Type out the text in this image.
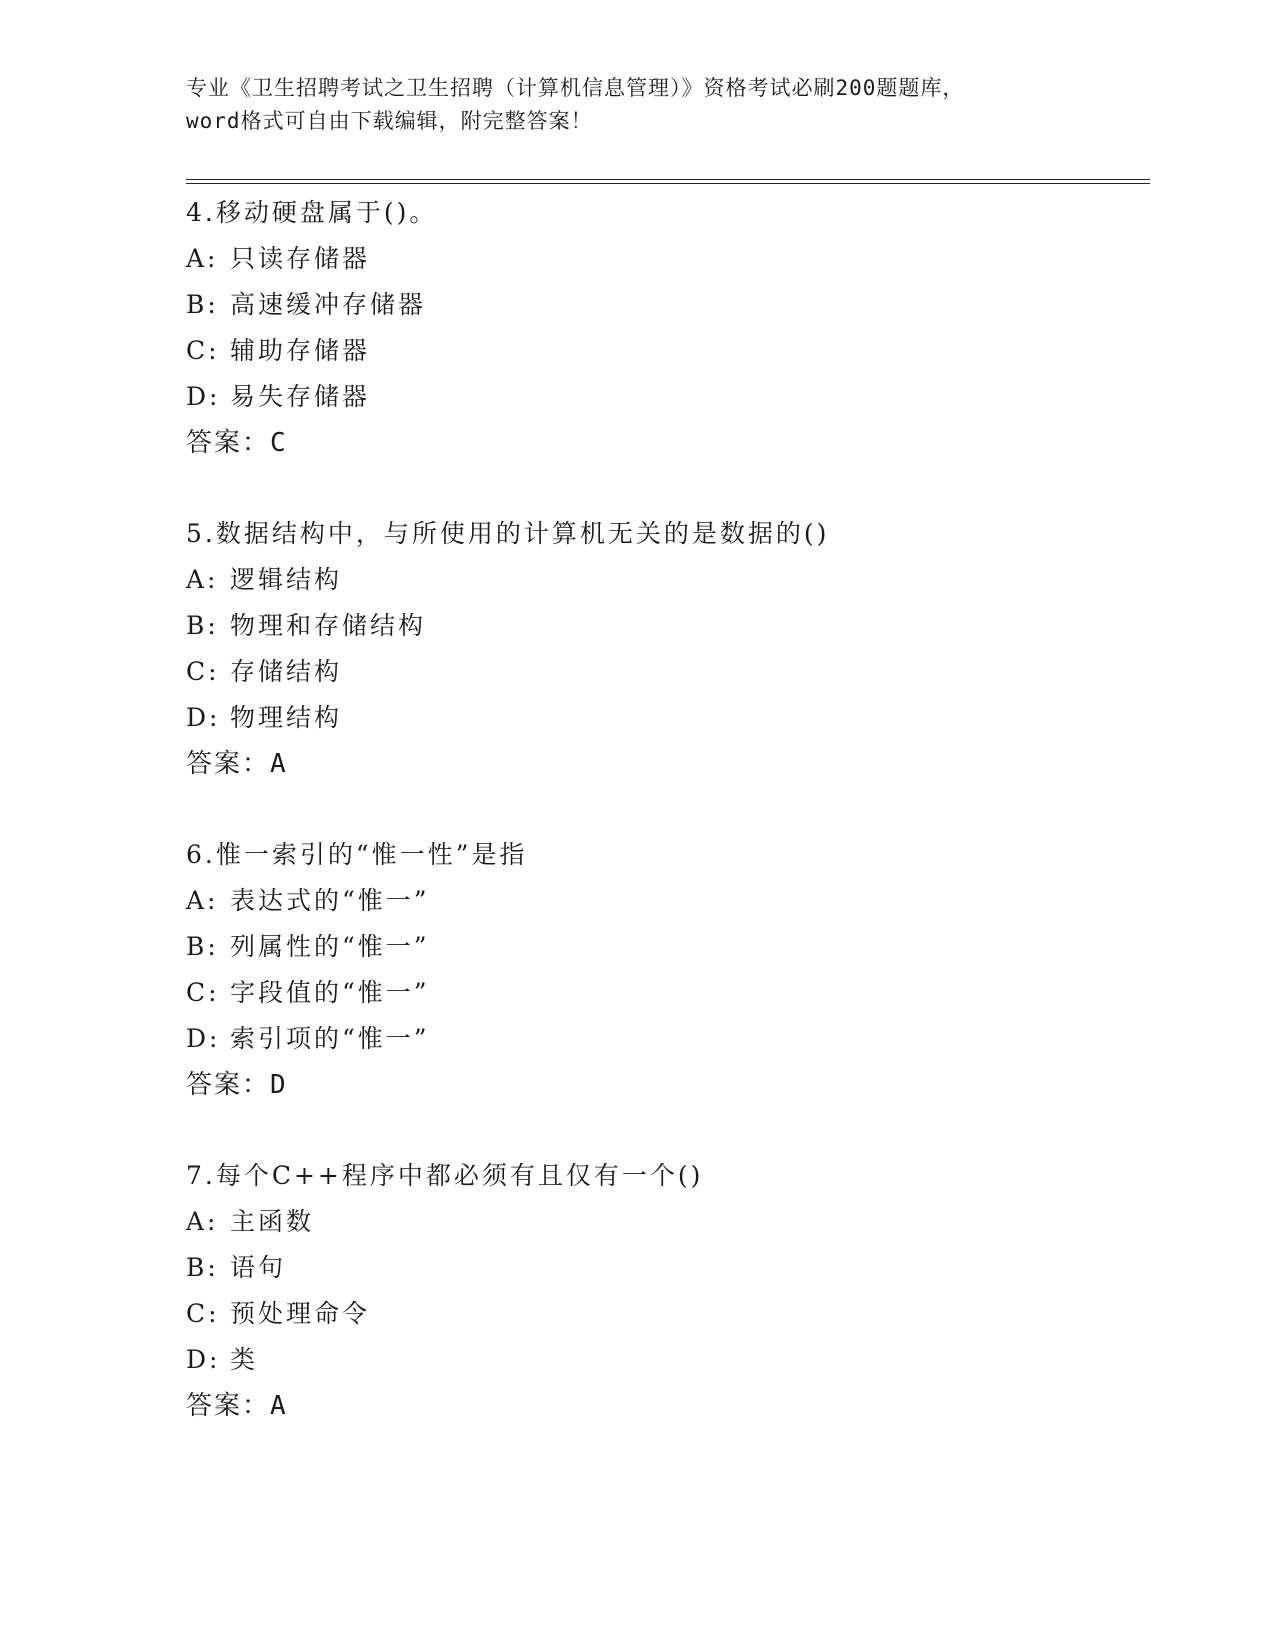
专业《卫生招聘考试之卫生招聘（计算机信息管理）》资格考试必刷200题题库，
word格式可自由下载编辑，附完整答案！
4.移动硬盘属于()。
A: 只读存储器
B: 高速缓冲存储器
C: 辅助存储器
D: 易失存储器
答案：C
5.数据结构中，与所使用的计算机无关的是数据的()
A: 逻辑结构
B: 物理和存储结构
C: 存储结构
D: 物理结构
答案：A
6.惟一索引的“惟一性”是指
A: 表达式的“惟一”
B: 列属性的“惟一”
C: 字段值的“惟一”
D: 索引项的“惟一”
答案：D
7.每个C++程序中都必须有且仅有一个()
A: 主函数
B: 语句
C: 预处理命令
D: 类
答案：A
